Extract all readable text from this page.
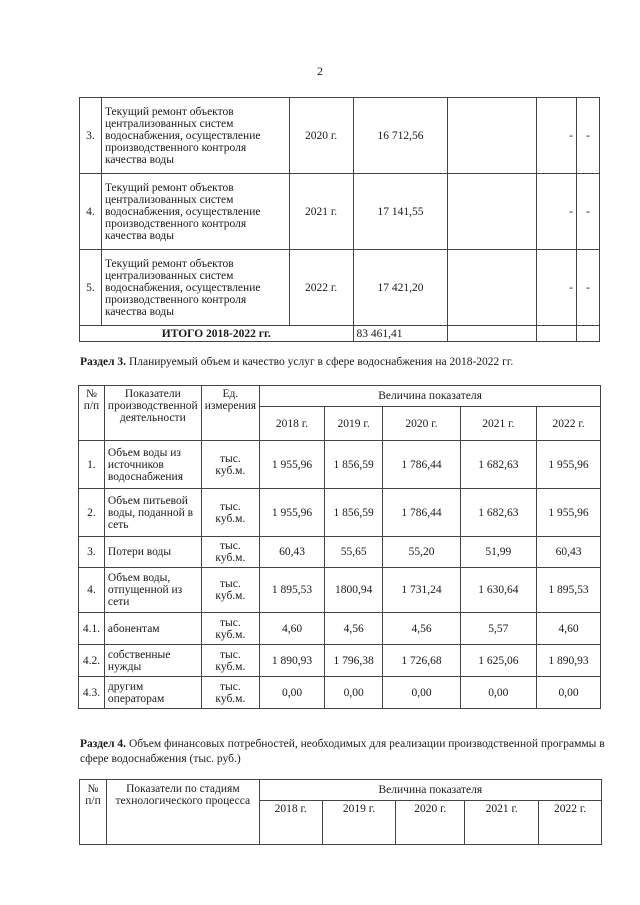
2
3.	Текущий ремонт объектов централизованных систем водоснабжения, осуществление производственного контроля качества воды	2020 г.	16 712,56		-	-
4.	Текущий ремонт объектов централизованных систем водоснабжения, осуществление производственного контроля качества воды	2021 г.	17 141,55		-	-
5.	Текущий ремонт объектов централизованных систем водоснабжения, осуществление производственного контроля качества воды	2022 г.	17 421,20		-	-
ИТОГО 2018-2022 гг.			83 461,41			
Раздел 3. Планируемый объем и качество услуг в сфере водоснабжения на 2018-2022 гг.
№ п/п	Показатели производственной деятельности	Ед. измерения	Величина показателя				
			2018 г.	2019 г.	2020 г.	2021 г.	2022 г.
1.	Объем воды из источников водоснабжения	тыс. куб.м.	1 955,96	1 856,59	1 786,44	1 682,63	1 955,96
2.	Объем питьевой воды, поданной в сеть	тыс. куб.м.	1 955,96	1 856,59	1 786,44	1 682,63	1 955,96
3.	Потери воды	тыс. куб.м.	60,43	55,65	55,20	51,99	60,43
4.	Объем воды, отпущенной из сети	тыс. куб.м.	1 895,53	1800,94	1 731,24	1 630,64	1 895,53
4.1.	абонентам	тыс. куб.м.	4,60	4,56	4,56	5,57	4,60
4.2.	собственные нужды	тыс. куб.м.	1 890,93	1 796,38	1 726,68	1 625,06	1 890,93
4.3.	другим операторам	тыс. куб.м.	0,00	0,00	0,00	0,00	0,00
Раздел 4. Объем финансовых потребностей, необходимых для реализации производственной программы в сфере водоснабжения (тыс. руб.)
№ п/п	Показатели по стадиям технологического процесса	Величина показателя				
		2018 г.	2019 г.	2020 г.	2021 г.	2022 г.
